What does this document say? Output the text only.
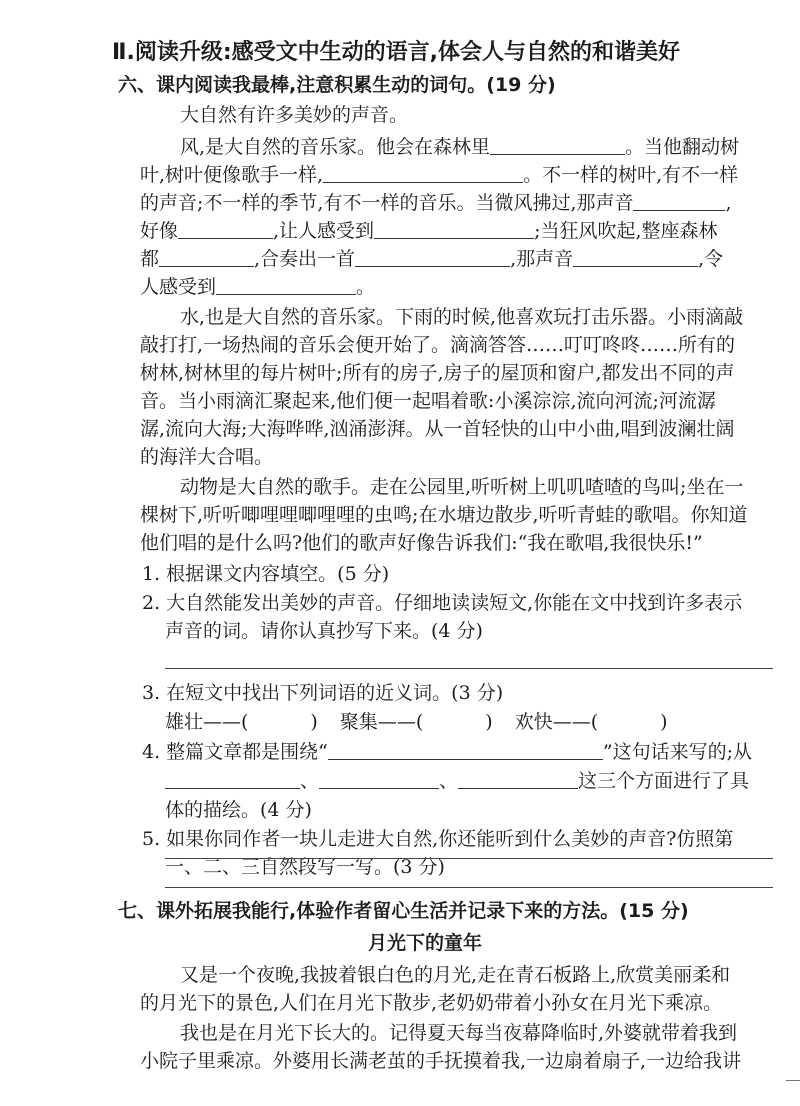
Ⅱ.阅读升级:感受文中生动的语言,体会人与自然的和谐美好
六、课内阅读我最棒,注意积累生动的词句。(19 分)
大自然有许多美妙的声音。
风,是大自然的音乐家。他会在森林里	。当他翻动树
叶,树叶便像歌手一样,	。不一样的树叶,有不一样
的声音;不一样的季节,有不一样的音乐。当微风拂过,那声音	,
好像	,让人感受到	;当狂风吹起,整座森林
都	,合奏出一首	,那声音	,令
人感受到	。
水,也是大自然的音乐家。下雨的时候,他喜欢玩打击乐器。小雨滴敲
敲打打,一场热闹的音乐会便开始了。滴滴答答……叮叮咚咚……所有的
树林,树林里的每片树叶;所有的房子,房子的屋顶和窗户,都发出不同的声
音。当小雨滴汇聚起来,他们便一起唱着歌:小溪淙淙,流向河流;河流潺
潺,流向大海;大海哗哗,汹涌澎湃。从一首轻快的山中小曲,唱到波澜壮阔
的海洋大合唱。
动物是大自然的歌手。走在公园里,听听树上叽叽喳喳的鸟叫;坐在一
棵树下,听听唧哩哩唧哩哩的虫鸣;在水塘边散步,听听青蛙的歌唱。你知道
他们唱的是什么吗?他们的歌声好像告诉我们:“我在歌唱,我很快乐!”
1. 根据课文内容填空。(5 分)
2. 大自然能发出美妙的声音。仔细地读读短文,你能在文中找到许多表示
声音的词。请你认真抄写下来。(4 分)
3. 在短文中找出下列词语的近义词。(3 分)
雄壮——(	) 聚集——(	) 欢快——(	)
4. 整篇文章都是围绕“	”这句话来写的;从
、	、	这三个方面进行了具
体的描绘。(4 分)
5. 如果你同作者一块儿走进大自然,你还能听到什么美妙的声音?仿照第
一、二、三自然段写一写。(3 分)
七、课外拓展我能行,体验作者留心生活并记录下来的方法。(15 分)
月光下的童年
又是一个夜晚,我披着银白色的月光,走在青石板路上,欣赏美丽柔和
的月光下的景色,人们在月光下散步,老奶奶带着小孙女在月光下乘凉。
我也是在月光下长大的。记得夏天每当夜幕降临时,外婆就带着我到
小院子里乘凉。外婆用长满老茧的手抚摸着我,一边扇着扇子,一边给我讲
